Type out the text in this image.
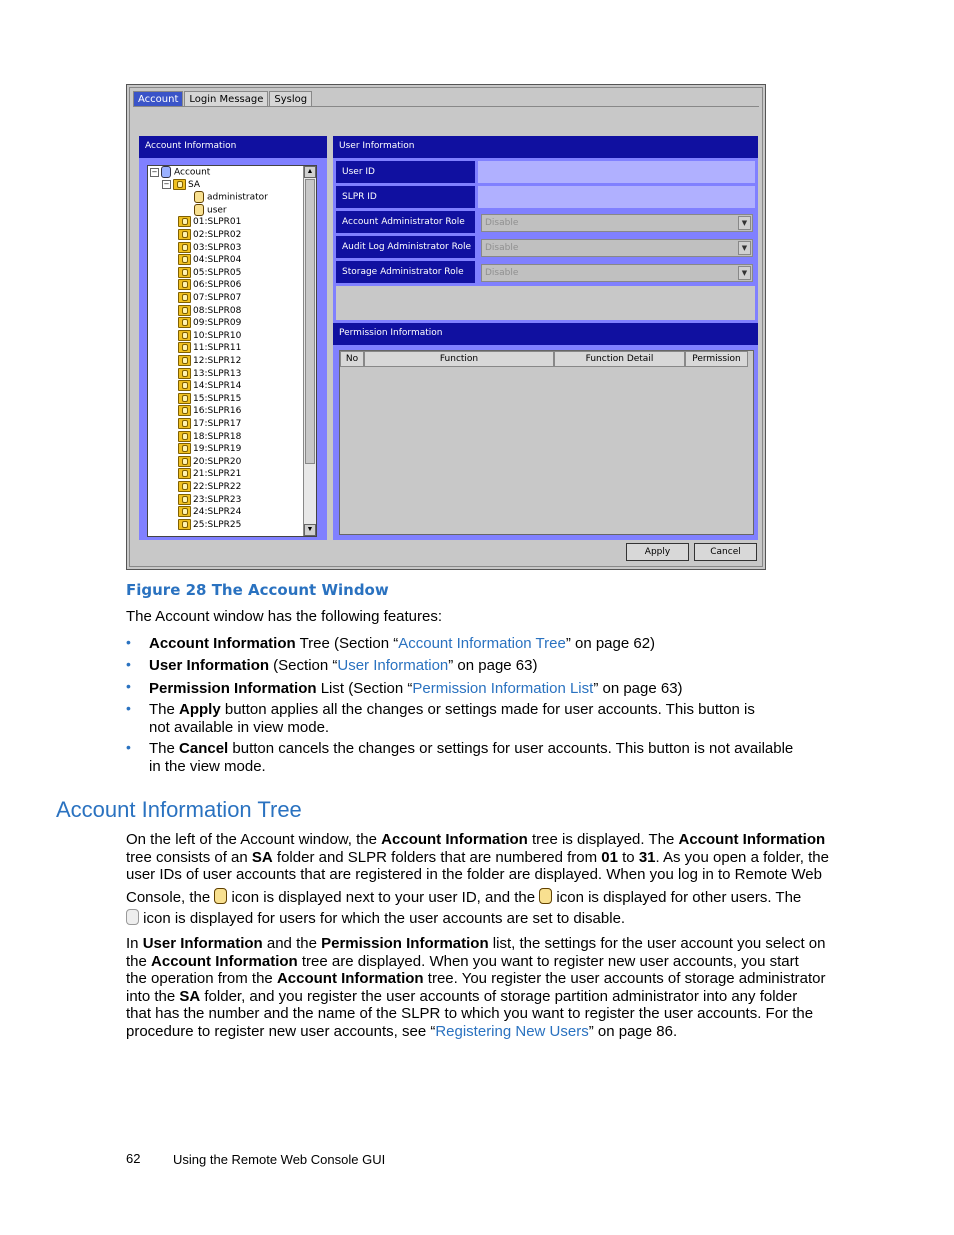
Account	Login Message	Syslog
Account Information
− Account
− SA
administrator
user
01:SLPR01
02:SLPR02
03:SLPR03
04:SLPR04
05:SLPR05
06:SLPR06
07:SLPR07
08:SLPR08
09:SLPR09
10:SLPR10
11:SLPR11
12:SLPR12
13:SLPR13
14:SLPR14
15:SLPR15
16:SLPR16
17:SLPR17
18:SLPR18
19:SLPR19
20:SLPR20
21:SLPR21
22:SLPR22
23:SLPR23
24:SLPR24
25:SLPR25
▲
▼
User Information
User ID
SLPR ID
Account Administrator Role	Disable	▼
Audit Log Administrator Role	Disable	▼
Storage Administrator Role	Disable	▼
Permission Information
No	Function	Function Detail	Permission
Apply	Cancel
Figure 28 The Account Window
The Account window has the following features:
•	Account Information Tree (Section “Account Information Tree” on page 62)
•	User Information (Section “User Information” on page 63)
•	Permission Information List (Section “Permission Information List” on page 63)
•	The Apply button applies all the changes or settings made for user accounts. This button is
not available in view mode.
•	The Cancel button cancels the changes or settings for user accounts. This button is not available
in the view mode.
Account Information Tree
On the left of the Account window, the Account Information tree is displayed. The Account Information
tree consists of an SA folder and SLPR folders that are numbered from 01 to 31. As you open a folder, the
user IDs of user accounts that are registered in the folder are displayed. When you log in to Remote Web
Console, the  icon is displayed next to your user ID, and the  icon is displayed for other users. The
icon is displayed for users for which the user accounts are set to disable.
In User Information and the Permission Information list, the settings for the user account you select on
the Account Information tree are displayed. When you want to register new user accounts, you start
the operation from the Account Information tree. You register the user accounts of storage administrator
into the SA folder, and you register the user accounts of storage partition administrator into any folder
that has the number and the name of the SLPR to which you want to register the user accounts. For the
procedure to register new user accounts, see “Registering New Users” on page 86.
62	Using the Remote Web Console GUI
